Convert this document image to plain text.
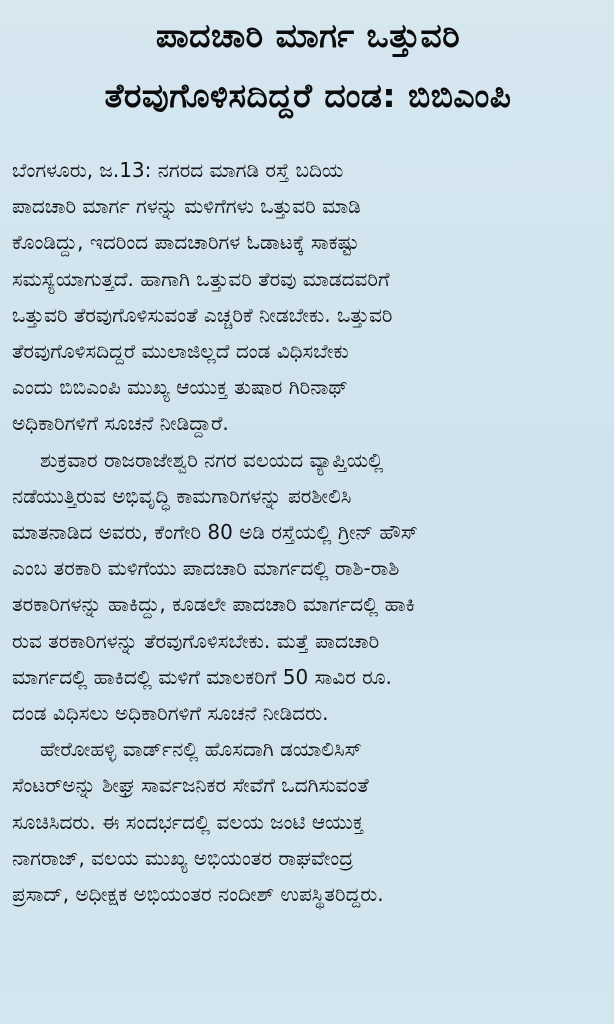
ಪಾದಚಾರಿ ಮಾರ್ಗ ಒತ್ತುವರಿ
ತೆರವುಗೊಳಿಸದಿದ್ದರೆ ದಂಡ: ಬಿಬಿಎಂಪಿ

ಬೆಂಗಳೂರು, ಜ.13: ನಗರದ ಮಾಗಡಿ ರಸ್ತೆ ಬದಿಯ
ಪಾದಚಾರಿ ಮಾರ್ಗ ಗಳನ್ನು ಮಳಿಗೆಗಳು ಒತ್ತುವರಿ ಮಾಡಿ
ಕೊಂಡಿದ್ದು, ಇದರಿಂದ ಪಾದಚಾರಿಗಳ ಓಡಾಟಕ್ಕೆ ಸಾಕಷ್ಟು
ಸಮಸ್ಯೆಯಾಗುತ್ತದೆ. ಹಾಗಾಗಿ ಒತ್ತುವರಿ ತೆರವು ಮಾಡದವರಿಗೆ
ಒತ್ತುವರಿ ತೆರವುಗೊಳಿಸುವಂತೆ ಎಚ್ಚರಿಕೆ ನೀಡಬೇಕು. ಒತ್ತುವರಿ
ತೆರವುಗೊಳಿಸದಿದ್ದರೆ ಮುಲಾಜಿಲ್ಲದೆ ದಂಡ ವಿಧಿಸಬೇಕು
ಎಂದು ಬಿಬಿಎಂಪಿ ಮುಖ್ಯ ಆಯುಕ್ತ ತುಷಾರ ಗಿರಿನಾಥ್
ಅಧಿಕಾರಿಗಳಿಗೆ ಸೂಚನೆ ನೀಡಿದ್ದಾರೆ.

ಶುಕ್ರವಾರ ರಾಜರಾಜೇಶ್ವರಿ ನಗರ ವಲಯದ ವ್ಯಾಪ್ತಿಯಲ್ಲಿ
ನಡೆಯುತ್ತಿರುವ ಅಭಿವೃದ್ಧಿ ಕಾಮಗಾರಿಗಳನ್ನು ಪರಶೀಲಿಸಿ
ಮಾತನಾಡಿದ ಅವರು, ಕೆಂಗೇರಿ 80 ಅಡಿ ರಸ್ತೆಯಲ್ಲಿ ಗ್ರೀನ್ ಹೌಸ್
ಎಂಬ ತರಕಾರಿ ಮಳಿಗೆಯು ಪಾದಚಾರಿ ಮಾರ್ಗದಲ್ಲಿ ರಾಶಿ-ರಾಶಿ
ತರಕಾರಿಗಳನ್ನು ಹಾಕಿದ್ದು, ಕೂಡಲೇ ಪಾದಚಾರಿ ಮಾರ್ಗದಲ್ಲಿ ಹಾಕಿ
ರುವ ತರಕಾರಿಗಳನ್ನು ತೆರವುಗೊಳಿಸಬೇಕು. ಮತ್ತೆ ಪಾದಚಾರಿ
ಮಾರ್ಗದಲ್ಲಿ ಹಾಕಿದಲ್ಲಿ ಮಳಿಗೆ ಮಾಲಕರಿಗೆ 50 ಸಾವಿರ ರೂ.
ದಂಡ ವಿಧಿಸಲು ಅಧಿಕಾರಿಗಳಿಗೆ ಸೂಚನೆ ನೀಡಿದರು.

ಹೇರೋಹಳ್ಳಿ ವಾರ್ಡ್‌ನಲ್ಲಿ ಹೊಸದಾಗಿ ಡಯಾಲಿಸಿಸ್
ಸೆಂಟರ್‌ಅನ್ನು ಶೀಘ್ರ ಸಾರ್ವಜನಿಕರ ಸೇವೆಗೆ ಒದಗಿಸುವಂತೆ
ಸೂಚಿಸಿದರು. ಈ ಸಂದರ್ಭದಲ್ಲಿ ವಲಯ ಜಂಟಿ ಆಯುಕ್ತ
ನಾಗರಾಜ್, ವಲಯ ಮುಖ್ಯ ಅಭಿಯಂತರ ರಾಘವೇಂದ್ರ
ಪ್ರಸಾದ್, ಅಧೀಕ್ಷಕ ಅಭಿಯಂತರ ನಂದೀಶ್ ಉಪಸ್ಥಿತರಿದ್ದರು.
